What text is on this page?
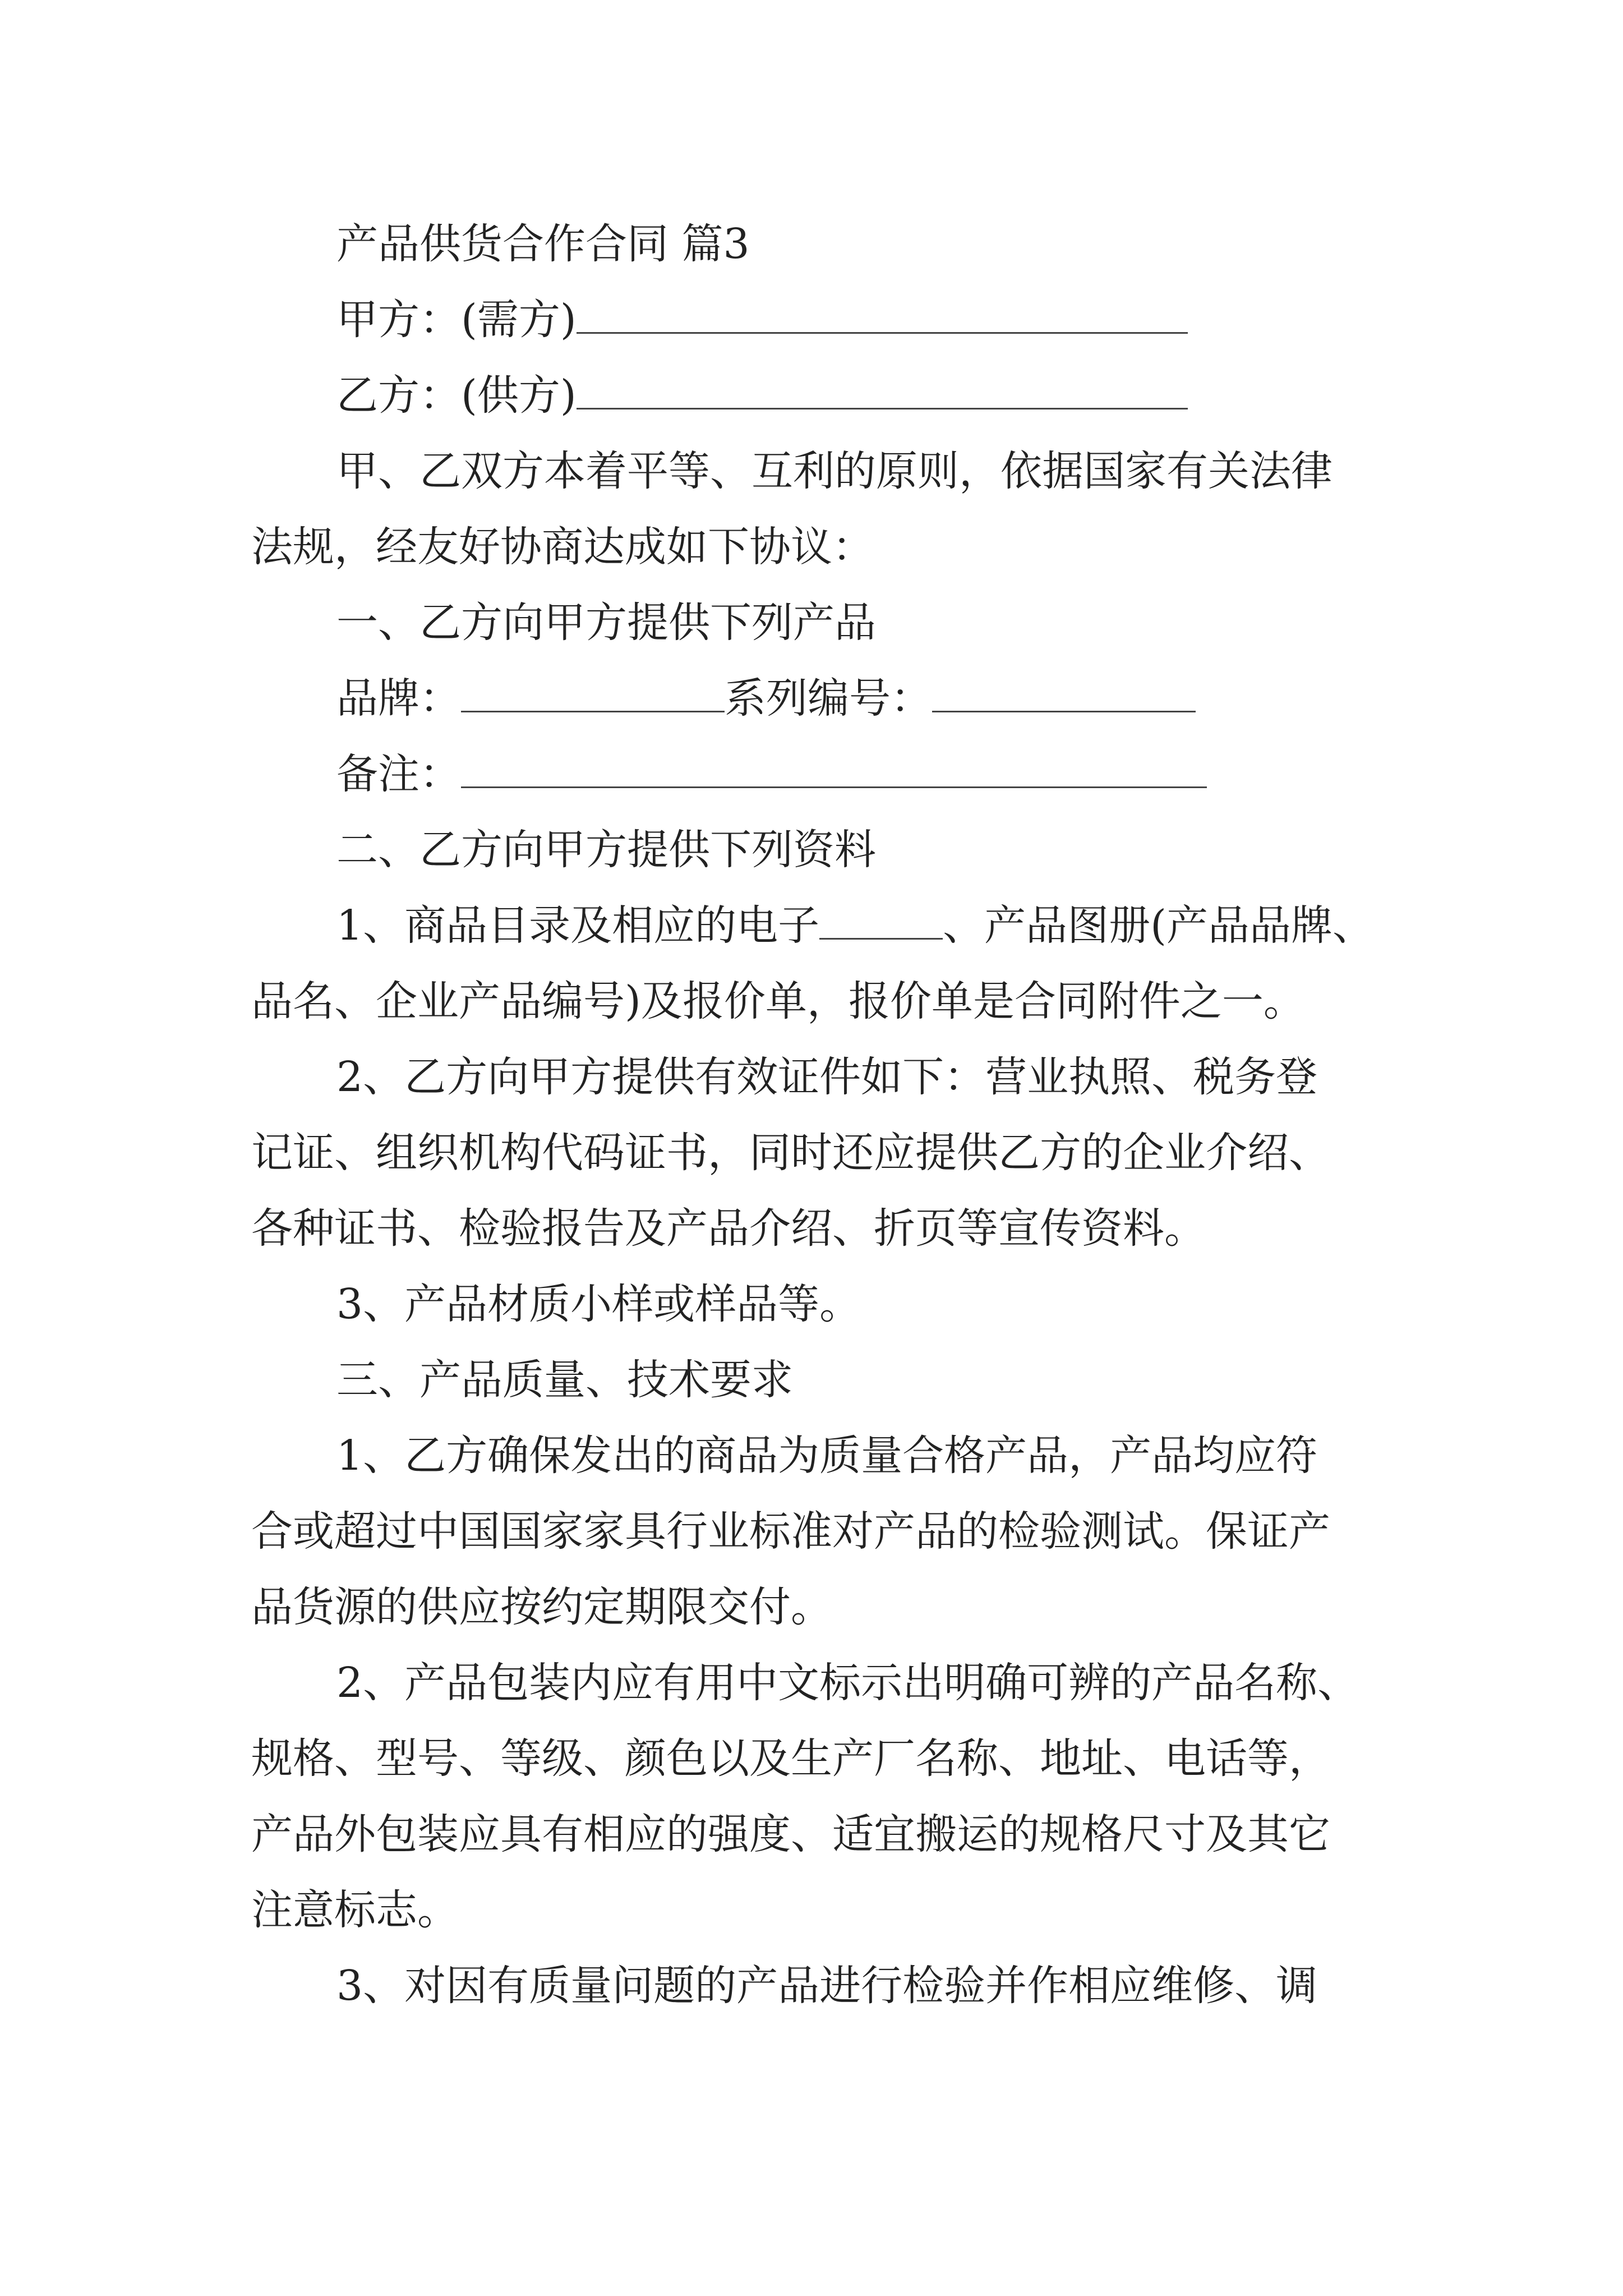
产品供货合作合同 篇3
甲方：(需方)
乙方：(供方)
甲、乙双方本着平等、互利的原则，依据国家有关法律
法规，经友好协商达成如下协议：
一、乙方向甲方提供下列产品
品牌：	系列编号：
备注：
二、乙方向甲方提供下列资料
1、商品目录及相应的电子	、产品图册(产品品牌、
品名、企业产品编号)及报价单，报价单是合同附件之一。
2、乙方向甲方提供有效证件如下：营业执照、税务登
记证、组织机构代码证书，同时还应提供乙方的企业介绍、
各种证书、检验报告及产品介绍、折页等宣传资料。
3、产品材质小样或样品等。
三、产品质量、技术要求
1、乙方确保发出的商品为质量合格产品，产品均应符
合或超过中国国家家具行业标准对产品的检验测试。保证产
品货源的供应按约定期限交付。
2、产品包装内应有用中文标示出明确可辨的产品名称、
规格、型号、等级、颜色以及生产厂名称、地址、电话等，
产品外包装应具有相应的强度、适宜搬运的规格尺寸及其它
注意标志。
3、对因有质量问题的产品进行检验并作相应维修、调
